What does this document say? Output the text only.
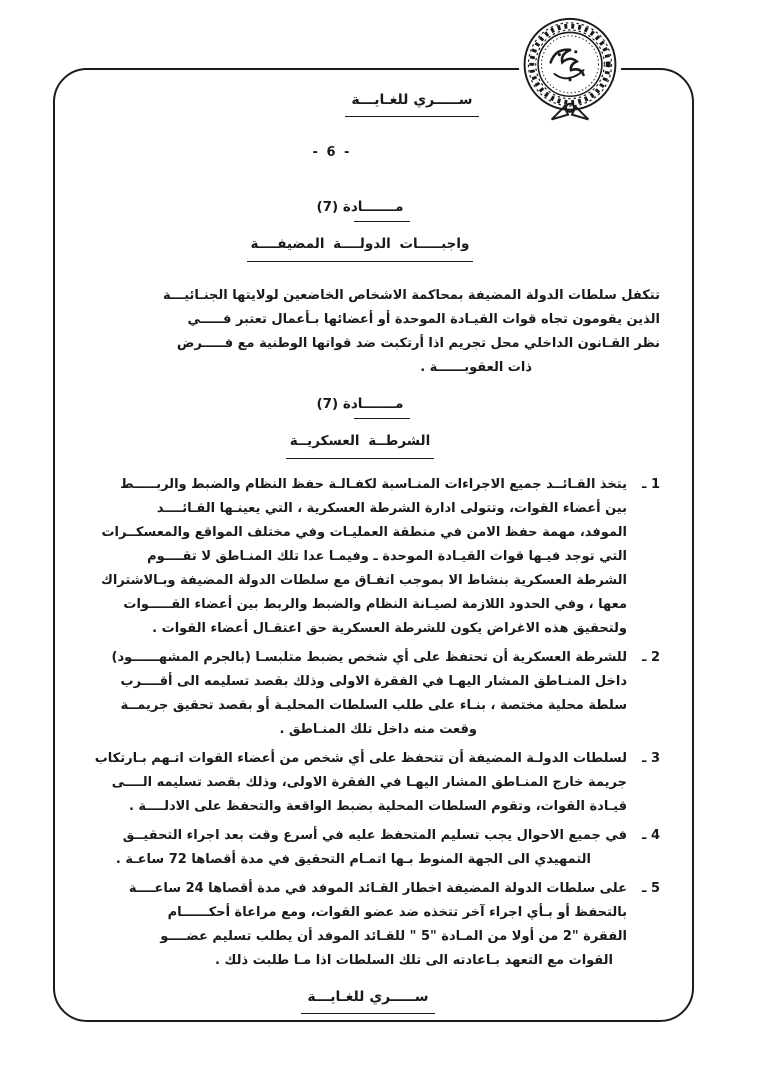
ســـــري للغـايـــة
- 6 -
مـــــــادة (7)
واجبـــــات الدولــــة المضيفــــة
تتكفل سلطات الدولة المضيفة بمحاكمة الاشخاص الخاضعين لولايتها الجنـائيـــة
الذين يقومون تجاه قوات القيـادة الموحدة أو أعضائها بـأعمال تعتبر فـــــي
نظر القـانون الداخلي محل تجريم اذا أرتكبت ضد قواتها الوطنية مع فـــــرض
ذات العقوبــــــة .
مـــــــادة (7)
الشرطــة العسكريــة
1 ـ
يتخذ القـائــد جميع الاجراءات المنـاسبة لكفـالـة حفظ النظام والضبط والربـــــط
بين أعضاء القوات، وتتولى ادارة الشرطة العسكرية ، التي يعينـها القـائــــد
الموفد، مهمة حفظ الامن في منطقة العمليـات وفي مختلف المواقع والمعسكــرات
التي توجد فيـها قوات القيـادة الموحدة ـ وفيمـا عدا تلك المنـاطق لا تقــــوم
الشرطة العسكرية بنشاط الا بموجب اتفـاق مع سلطات الدولة المضيفة وبـالاشتراك
معها ، وفي الحدود اللازمة لصيـانة النظام والضبط والربط بين أعضاء القـــــوات
ولتحقيق هذه الاغراض يكون للشرطة العسكرية حق اعتقـال أعضاء القوات .
2 ـ
للشرطة العسكرية أن تحتفظ على أي شخص يضبط متلبسـا (بالجرم المشهــــــود)
داخل المنـاطق المشار اليهـا في الفقرة الاولى وذلك بقصد تسليمه الى أقــــرب
سلطة محلية مختصة ، بنـاء على طلب السلطات المحليـة أو بقصد تحقيق جريمــة
وقعت منه داخل تلك المنـاطق .
3 ـ
لسلطات الدولـة المضيفة أن تتحفظ على أي شخص من أعضاء القوات اتـهم بـارتكاب
جريمة خارج المنـاطق المشار اليهـا في الفقرة الاولى، وذلك بقصد تسليمه الــــى
قيـادة القوات، وتقوم السلطات المحلية بضبط الواقعة والتحفظ على الادلــــة .
4 ـ
في جميع الاحوال يجب تسليم المتحفظ عليه في أسرع وقت بعد اجراء التحقيــق
التمهيدي الى الجهة المنوط بـها اتمـام التحقيق في مدة أقصاها 72 ساعـة .
5 ـ
على سلطات الدولة المضيفة اخطار القـائد الموفد في مدة أقصاها 24 ساعــــة
بالتحفظ أو بـأي اجراء آخر تتخذه ضد عضو القوات، ومع مراعاة أحكــــــام
الفقرة "2 من أولا من المـادة "5 " للقـائد الموفد أن يطلب تسليم عضــــو
القوات مع التعهد بـاعادته الى تلك السلطات اذا مـا طلبت ذلك .
ســـــري للغـايـــة
